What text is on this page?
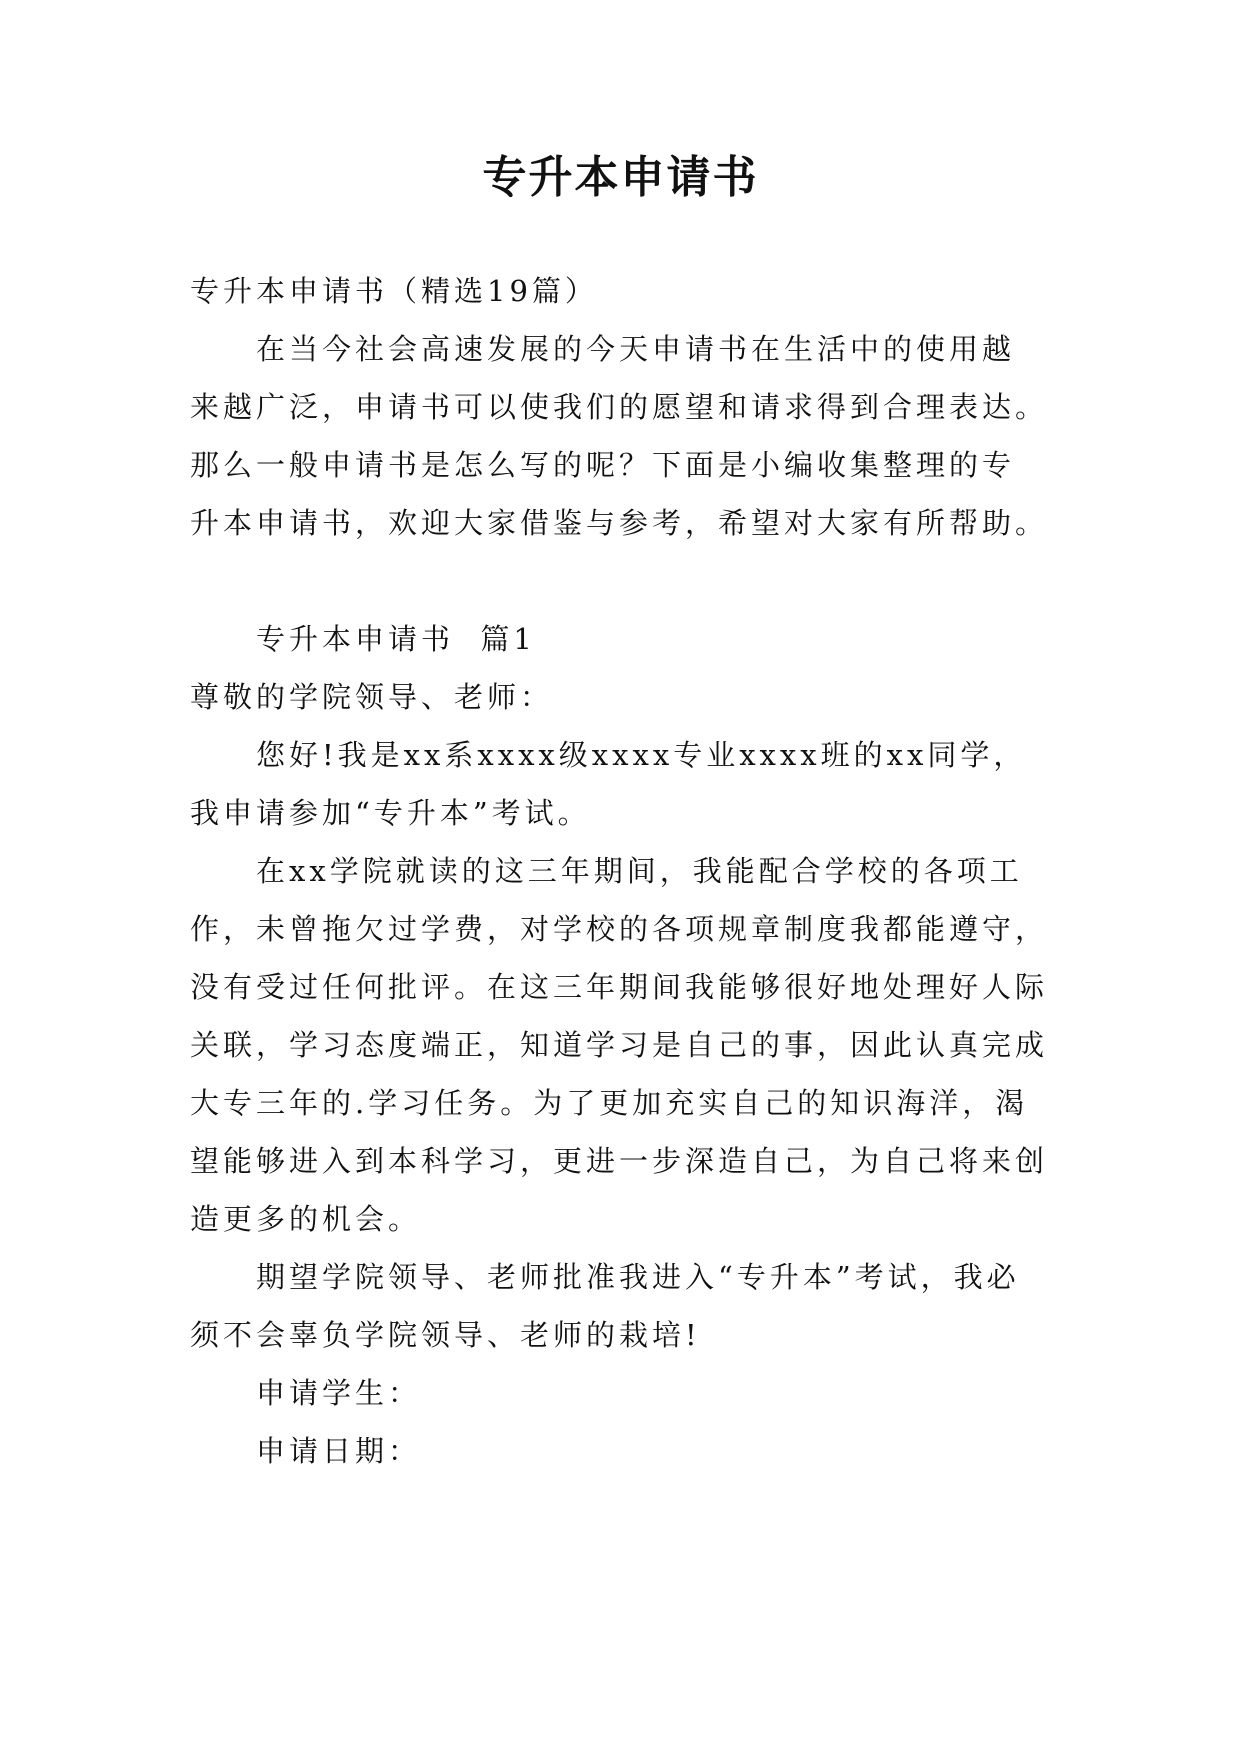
专升本申请书
专升本申请书（精选19篇）
在当今社会高速发展的今天申请书在生活中的使用越
来越广泛，申请书可以使我们的愿望和请求得到合理表达。
那么一般申请书是怎么写的呢？下面是小编收集整理的专
升本申请书，欢迎大家借鉴与参考，希望对大家有所帮助。
专升本申请书  篇1
尊敬的学院领导、老师：
您好!我是xx系xxxx级xxxx专业xxxx班的xx同学，
我申请参加“专升本”考试。
在xx学院就读的这三年期间，我能配合学校的各项工
作，未曾拖欠过学费，对学校的各项规章制度我都能遵守，
没有受过任何批评。在这三年期间我能够很好地处理好人际
关联，学习态度端正，知道学习是自己的事，因此认真完成
大专三年的.学习任务。为了更加充实自己的知识海洋，渴
望能够进入到本科学习，更进一步深造自己，为自己将来创
造更多的机会。
期望学院领导、老师批准我进入“专升本”考试，我必
须不会辜负学院领导、老师的栽培!
申请学生：
申请日期：
